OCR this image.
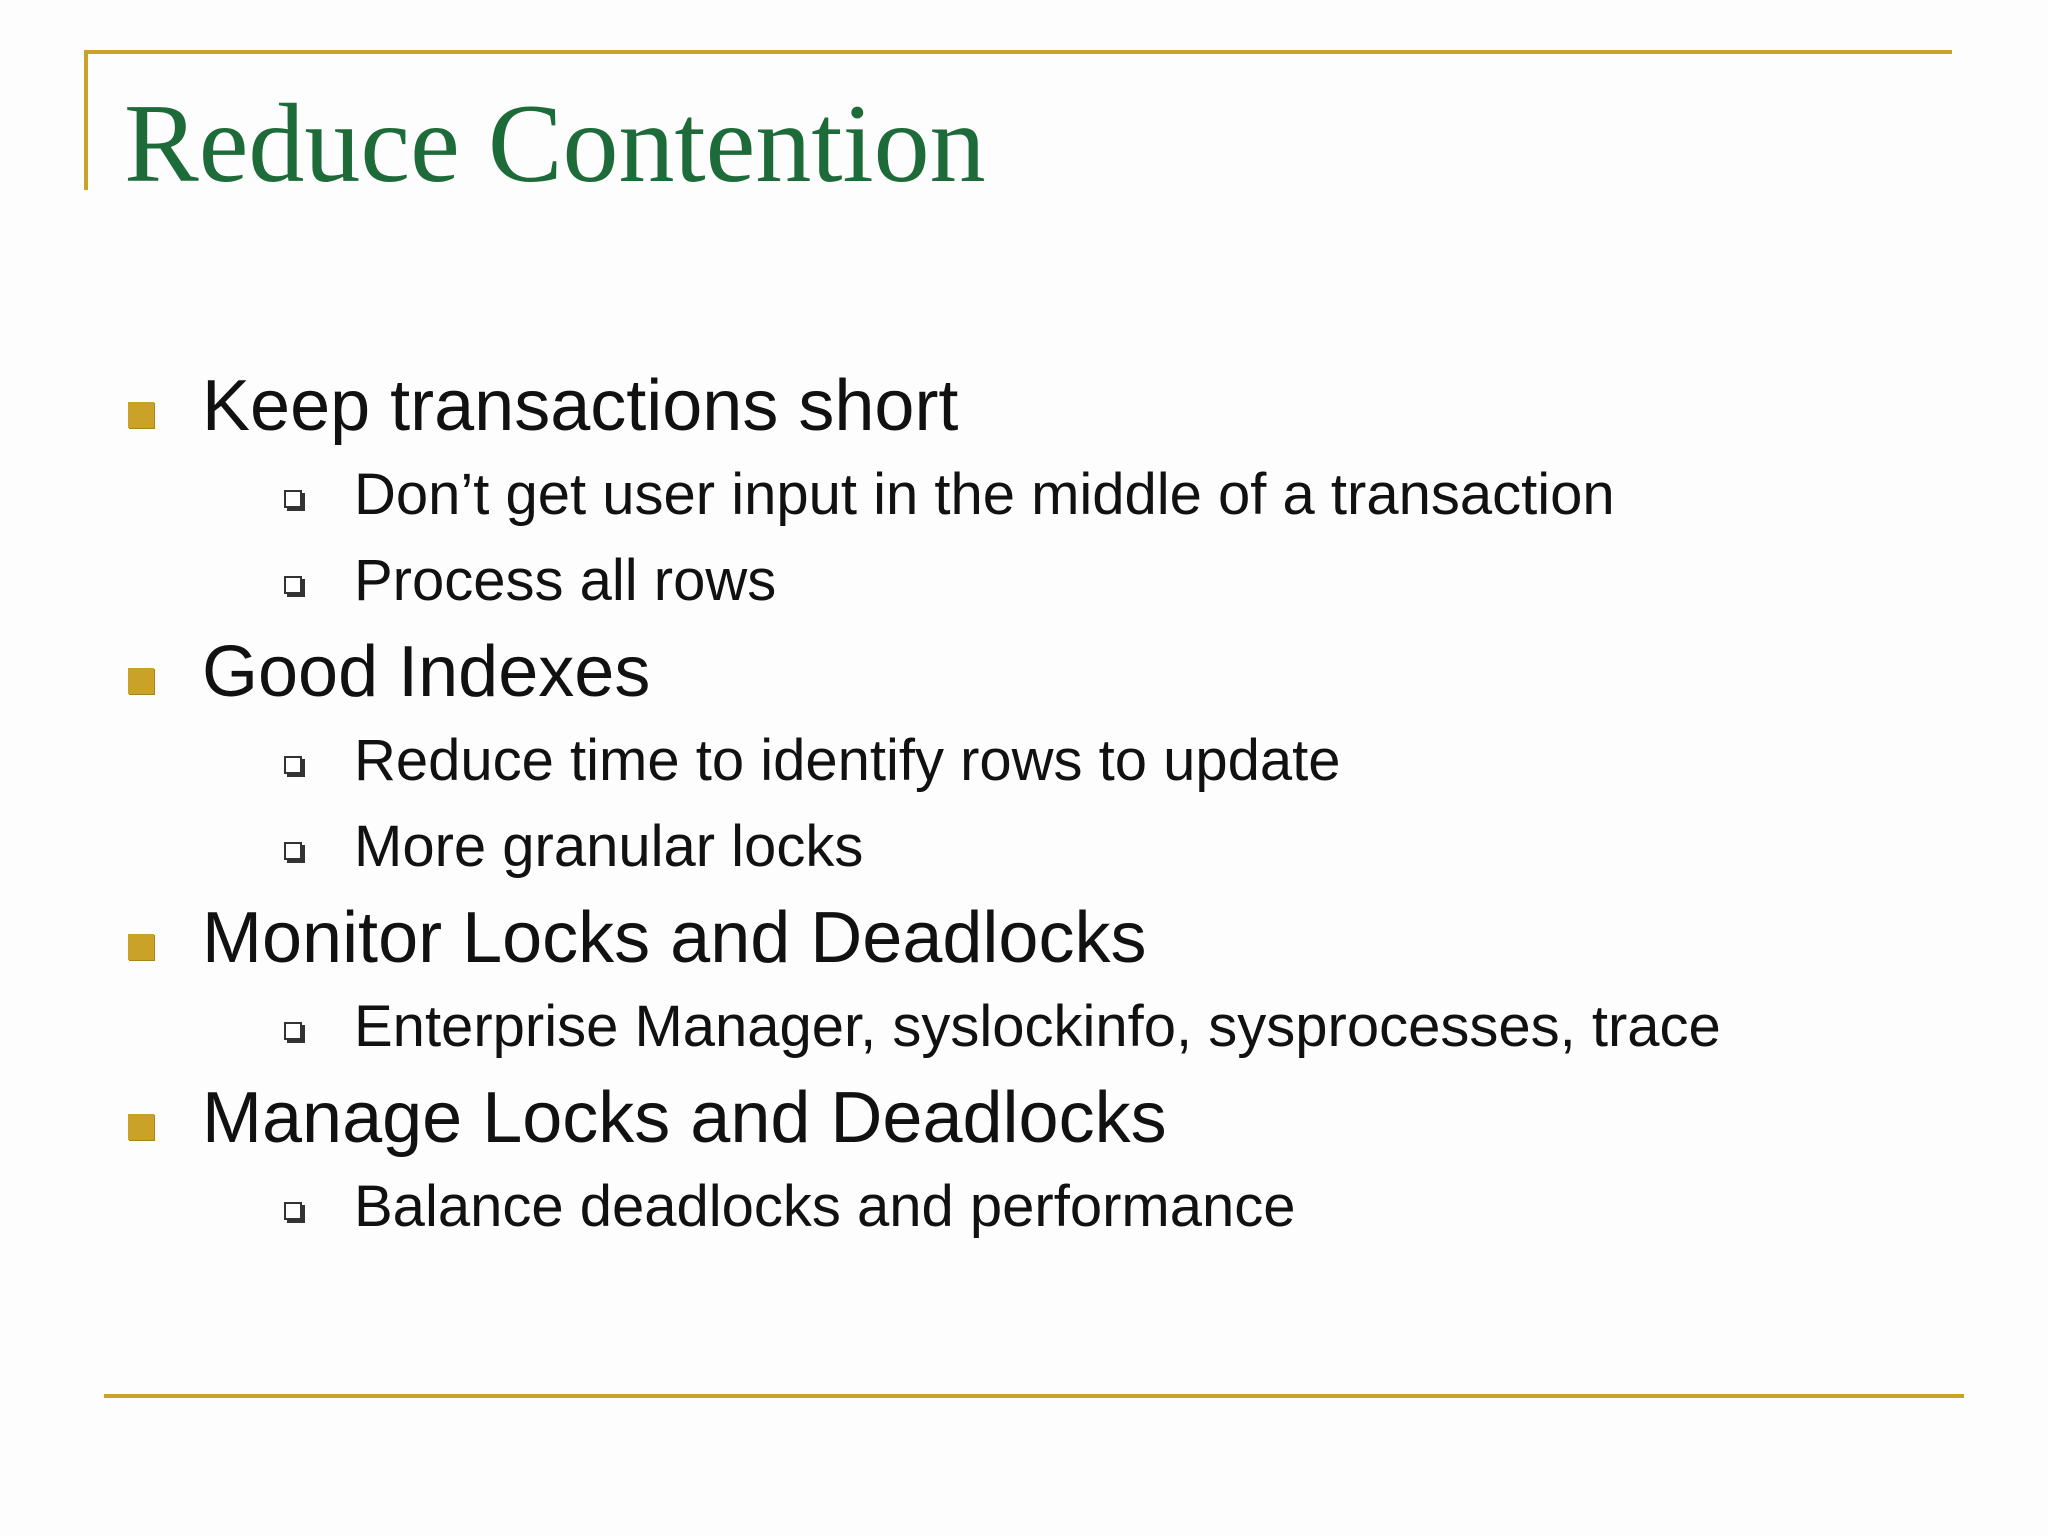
Reduce Contention
Keep transactions short
Don’t get user input in the middle of a transaction
Process all rows
Good Indexes
Reduce time to identify rows to update
More granular locks
Monitor Locks and Deadlocks
Enterprise Manager, syslockinfo, sysprocesses, trace
Manage Locks and Deadlocks
Balance deadlocks and performance
